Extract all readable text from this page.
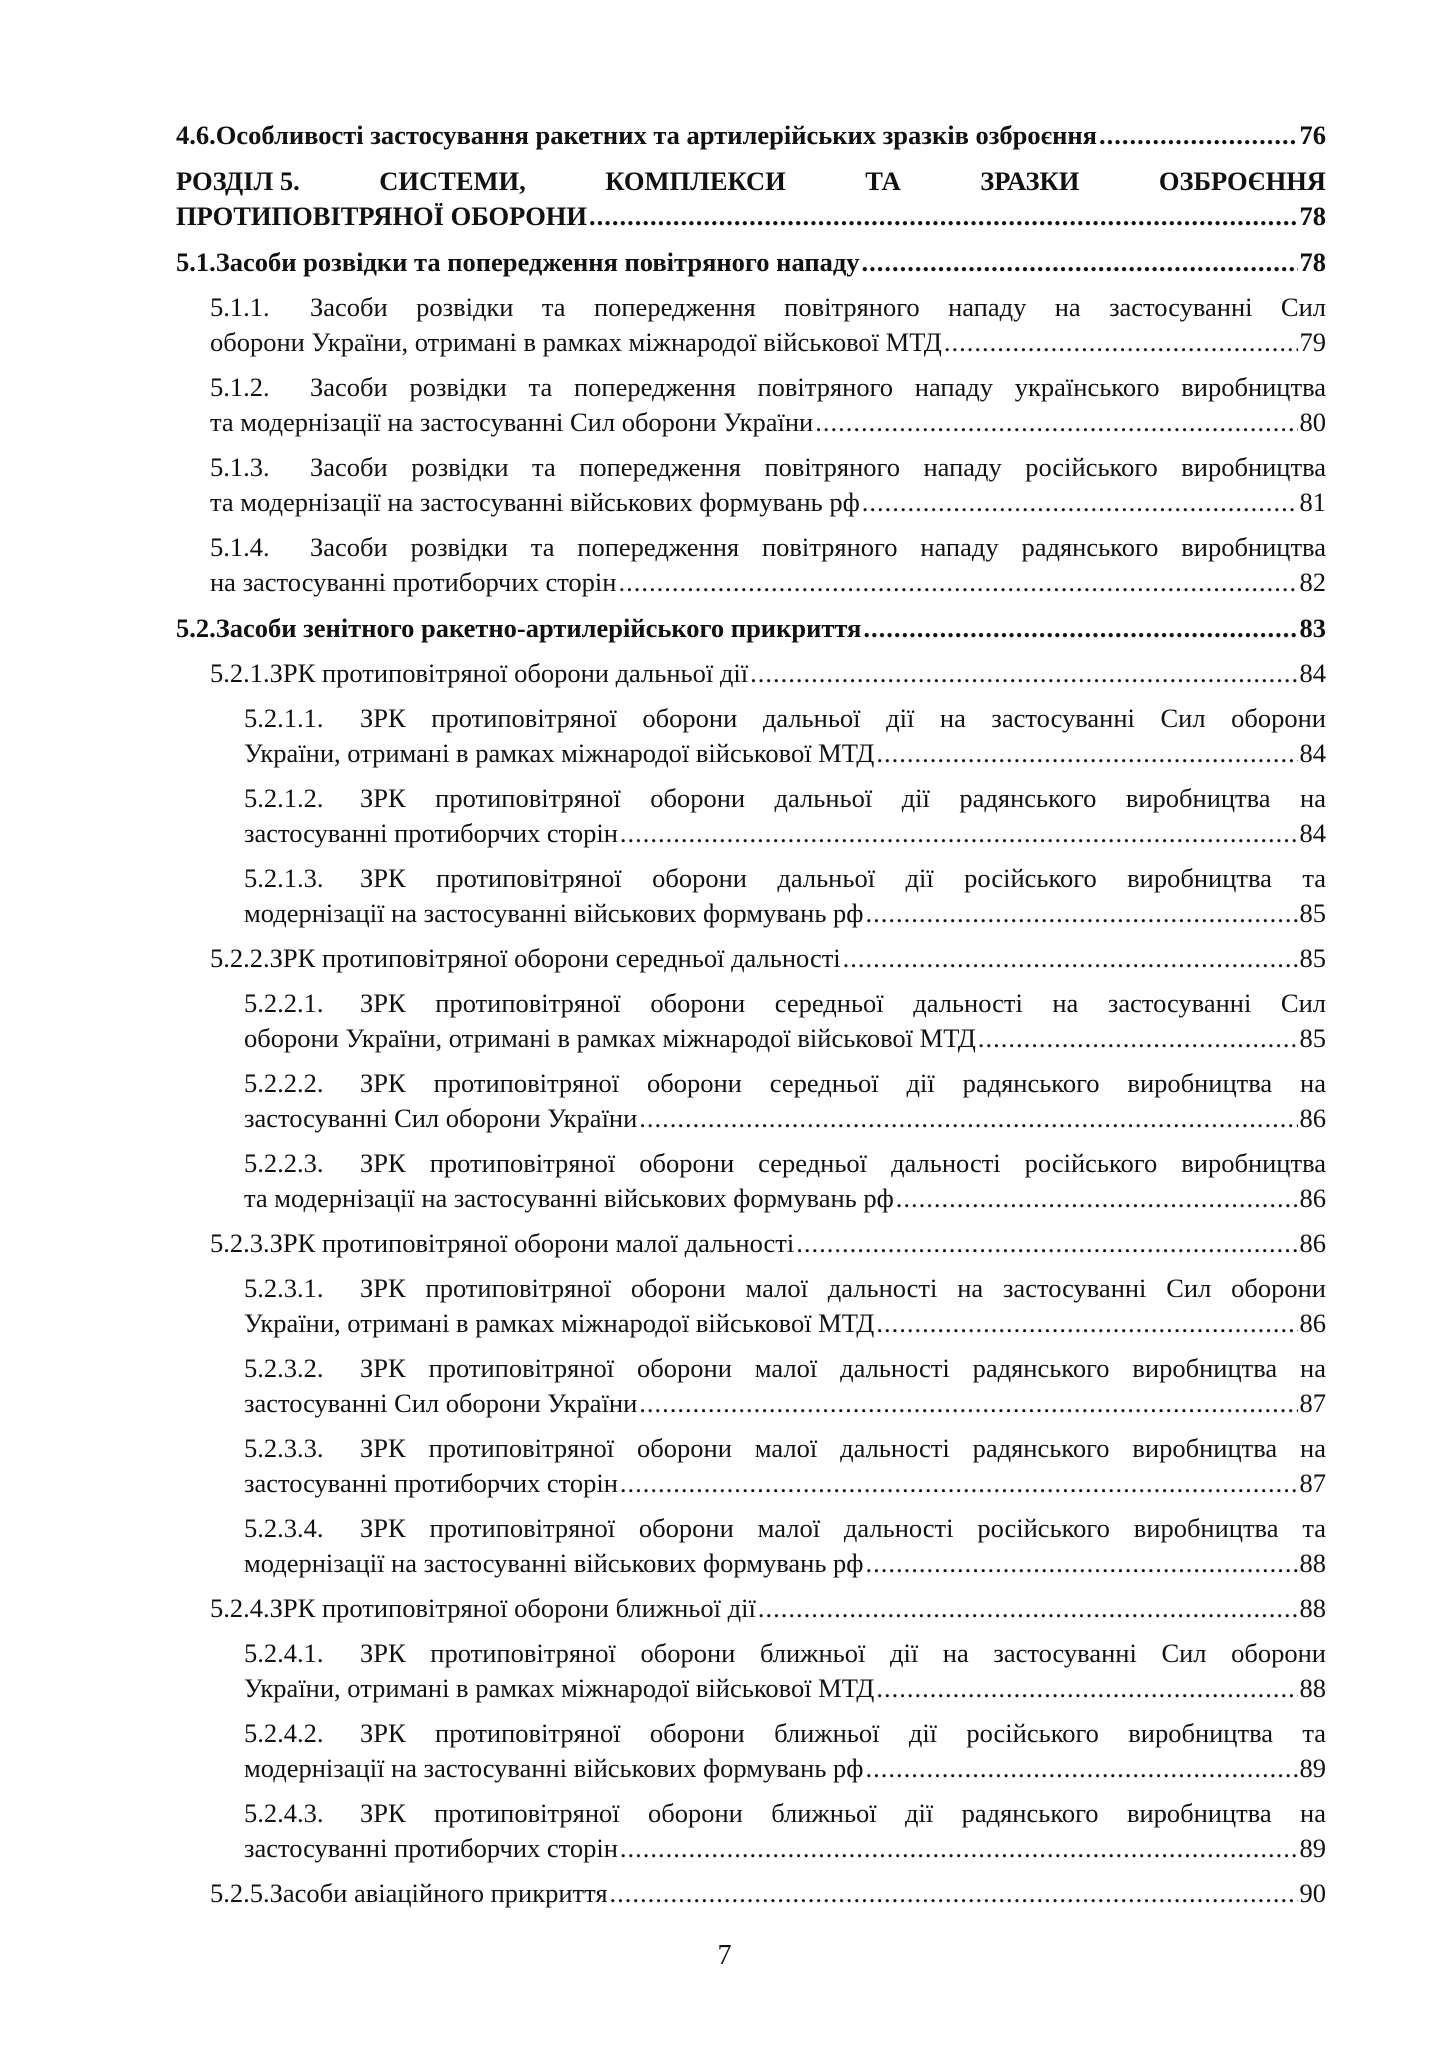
4.6. Особливості застосування ракетних та артилерійських зразків озброєння .....	76
РОЗДІЛ 5.	СИСТЕМИ,	КОМПЛЕКСИ	ТА	ЗРАЗКИ	ОЗБРОЄННЯ
ПРОТИПОВІТРЯНОЇ ОБОРОНИ .....	78
5.1. Засоби розвідки та попередження повітряного нападу .....	78
5.1.1.	Засоби розвідки та попередження повітряного нападу на застосуванні Сил
оборони України, отримані в рамках міжнародої військової МТД .....	79
5.1.2.	Засоби розвідки та попередження повітряного нападу українського виробництва
та модернізації на застосуванні Сил оборони України .....	80
5.1.3.	Засоби розвідки та попередження повітряного нападу російського виробництва
та модернізації на застосуванні військових формувань рф .....	81
5.1.4.	Засоби розвідки та попередження повітряного нападу радянського виробництва
на застосуванні протиборчих сторін .....	82
5.2. Засоби зенітного ракетно-артилерійського прикриття .....	83
5.2.1. ЗРК протиповітряної оборони дальньої дії .....	84
5.2.1.1.	ЗРК протиповітряної оборони дальньої дії на застосуванні Сил оборони
України, отримані в рамках міжнародої військової МТД .....	84
5.2.1.2.	ЗРК протиповітряної оборони дальньої дії радянського виробництва на
застосуванні протиборчих сторін .....	84
5.2.1.3.	ЗРК протиповітряної оборони дальньої дії російського виробництва та
модернізації на застосуванні військових формувань рф .....	85
5.2.2. ЗРК протиповітряної оборони середньої дальності .....	85
5.2.2.1.	ЗРК протиповітряної оборони середньої дальності на застосуванні Сил
оборони України, отримані в рамках міжнародої військової МТД .....	85
5.2.2.2.	ЗРК протиповітряної оборони середньої дії радянського виробництва на
застосуванні Сил оборони України .....	86
5.2.2.3.	ЗРК протиповітряної оборони середньої дальності російського виробництва
та модернізації на застосуванні військових формувань рф .....	86
5.2.3. ЗРК протиповітряної оборони малої дальності .....	86
5.2.3.1.	ЗРК протиповітряної оборони малої дальності на застосуванні Сил оборони
України, отримані в рамках міжнародої військової МТД .....	86
5.2.3.2.	ЗРК протиповітряної оборони малої дальності радянського виробництва на
застосуванні Сил оборони України .....	87
5.2.3.3.	ЗРК протиповітряної оборони малої дальності радянського виробництва на
застосуванні протиборчих сторін .....	87
5.2.3.4.	ЗРК протиповітряної оборони малої дальності російського виробництва та
модернізації на застосуванні військових формувань рф .....	88
5.2.4. ЗРК протиповітряної оборони ближньої дії .....	88
5.2.4.1.	ЗРК протиповітряної оборони ближньої дії на застосуванні Сил оборони
України, отримані в рамках міжнародої військової МТД .....	88
5.2.4.2.	ЗРК протиповітряної оборони ближньої дії російського виробництва та
модернізації на застосуванні військових формувань рф .....	89
5.2.4.3.	ЗРК протиповітряної оборони ближньої дії радянського виробництва на
застосуванні протиборчих сторін .....	89
5.2.5. Засоби авіаційного прикриття .....	90
7
